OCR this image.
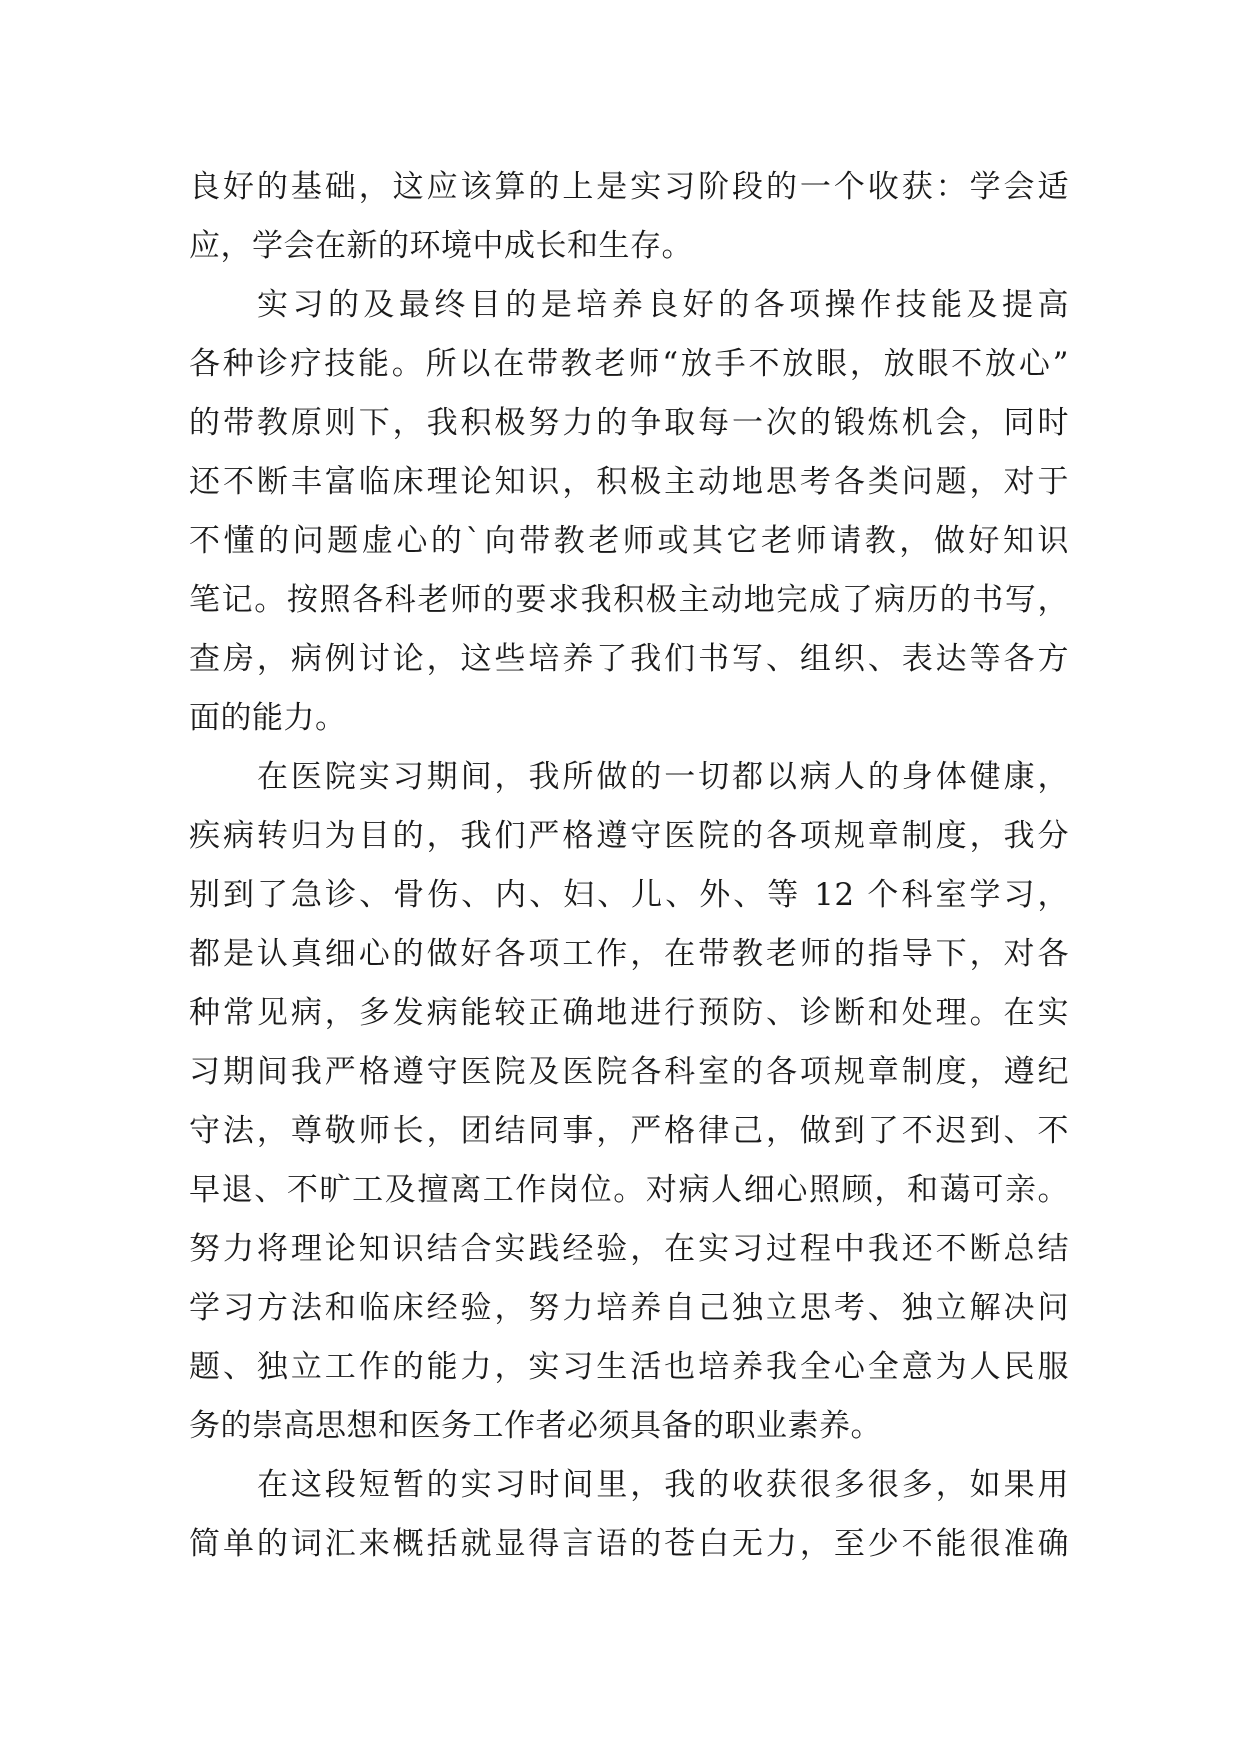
良好的基础，这应该算的上是实习阶段的一个收获：学会适
应，学会在新的环境中成长和生存。
实习的及最终目的是培养良好的各项操作技能及提高
各种诊疗技能。所以在带教老师“放手不放眼，放眼不放心”
的带教原则下，我积极努力的争取每一次的锻炼机会，同时
还不断丰富临床理论知识，积极主动地思考各类问题，对于
不懂的问题虚心的`向带教老师或其它老师请教，做好知识
笔记。按照各科老师的要求我积极主动地完成了病历的书写，
查房，病例讨论，这些培养了我们书写、组织、表达等各方
面的能力。
在医院实习期间，我所做的一切都以病人的身体健康，
疾病转归为目的，我们严格遵守医院的各项规章制度，我分
别到了急诊、骨伤、内、妇、儿、外、等 12 个科室学习，
都是认真细心的做好各项工作，在带教老师的指导下，对各
种常见病，多发病能较正确地进行预防、诊断和处理。在实
习期间我严格遵守医院及医院各科室的各项规章制度，遵纪
守法，尊敬师长，团结同事，严格律己，做到了不迟到、不
早退、不旷工及擅离工作岗位。对病人细心照顾，和蔼可亲。
努力将理论知识结合实践经验，在实习过程中我还不断总结
学习方法和临床经验，努力培养自己独立思考、独立解决问
题、独立工作的能力，实习生活也培养我全心全意为人民服
务的崇高思想和医务工作者必须具备的职业素养。
在这段短暂的实习时间里，我的收获很多很多，如果用
简单的词汇来概括就显得言语的苍白无力，至少不能很准确
